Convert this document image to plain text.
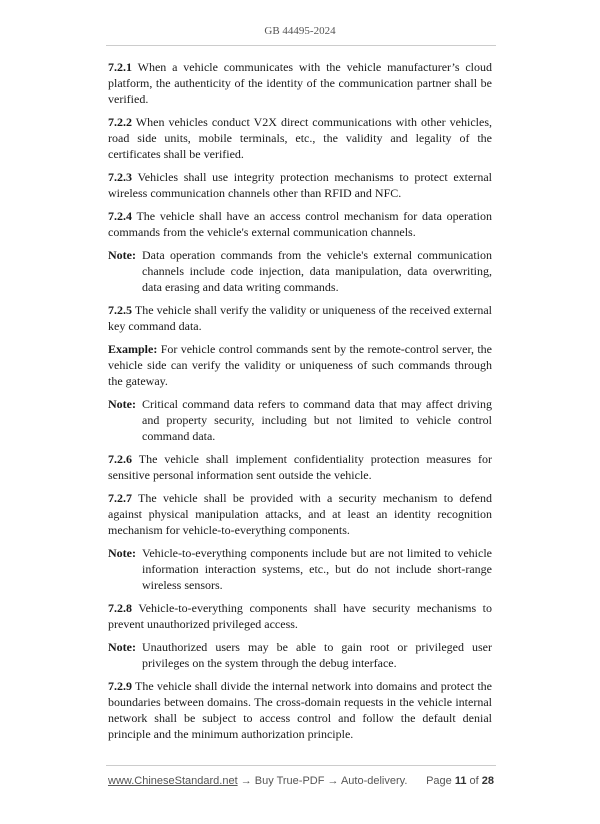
GB 44495-2024
7.2.1 When a vehicle communicates with the vehicle manufacturer’s cloud platform, the authenticity of the identity of the communication partner shall be verified.
7.2.2 When vehicles conduct V2X direct communications with other vehicles, road side units, mobile terminals, etc., the validity and legality of the certificates shall be verified.
7.2.3 Vehicles shall use integrity protection mechanisms to protect external wireless communication channels other than RFID and NFC.
7.2.4 The vehicle shall have an access control mechanism for data operation commands from the vehicle's external communication channels.
Note: Data operation commands from the vehicle's external communication channels include code injection, data manipulation, data overwriting, data erasing and data writing commands.
7.2.5 The vehicle shall verify the validity or uniqueness of the received external key command data.
Example: For vehicle control commands sent by the remote-control server, the vehicle side can verify the validity or uniqueness of such commands through the gateway.
Note: Critical command data refers to command data that may affect driving and property security, including but not limited to vehicle control command data.
7.2.6 The vehicle shall implement confidentiality protection measures for sensitive personal information sent outside the vehicle.
7.2.7 The vehicle shall be provided with a security mechanism to defend against physical manipulation attacks, and at least an identity recognition mechanism for vehicle-to-everything components.
Note: Vehicle-to-everything components include but are not limited to vehicle information interaction systems, etc., but do not include short-range wireless sensors.
7.2.8 Vehicle-to-everything components shall have security mechanisms to prevent unauthorized privileged access.
Note: Unauthorized users may be able to gain root or privileged user privileges on the system through the debug interface.
7.2.9 The vehicle shall divide the internal network into domains and protect the boundaries between domains. The cross-domain requests in the vehicle internal network shall be subject to access control and follow the default denial principle and the minimum authorization principle.
www.ChineseStandard.net → Buy True-PDF → Auto-delivery. Page 11 of 28
